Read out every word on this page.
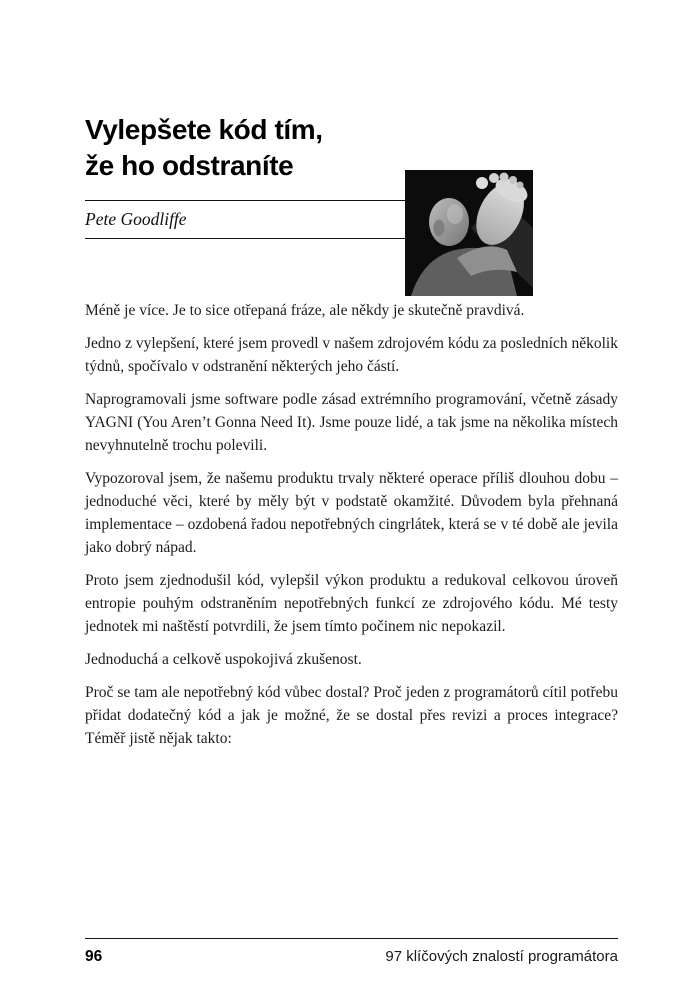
Vylepšete kód tím,
že ho odstraníte
Pete Goodliffe

Méně je více. Je to sice otřepaná fráze, ale někdy je skutečně pravdivá.

Jedno z vylepšení, které jsem provedl v našem zdrojovém kódu za posledních několik týdnů, spočívalo v odstranění některých jeho částí.

Naprogramovali jsme software podle zásad extrémního programování, včetně zásady YAGNI (You Aren’t Gonna Need It). Jsme pouze lidé, a tak jsme na několika místech nevyhnutelně trochu polevili.

Vypozoroval jsem, že našemu produktu trvaly některé operace příliš dlouhou dobu – jednoduché věci, které by měly být v podstatě okamžité. Důvodem byla přehnaná implementace – ozdobená řadou nepotřebných cingrlátek, která se v té době ale jevila jako dobrý nápad.

Proto jsem zjednodušil kód, vylepšil výkon produktu a redukoval celkovou úroveň entropie pouhým odstraněním nepotřebných funkcí ze zdrojového kódu. Mé testy jednotek mi naštěstí potvrdili, že jsem tímto počinem nic nepokazil.

Jednoduchá a celkově uspokojivá zkušenost.

Proč se tam ale nepotřebný kód vůbec dostal? Proč jeden z programátorů cítil potřebu přidat dodatečný kód a jak je možné, že se dostal přes revizi a proces integrace? Téměř jistě nějak takto:

96	97 klíčových znalostí programátora
